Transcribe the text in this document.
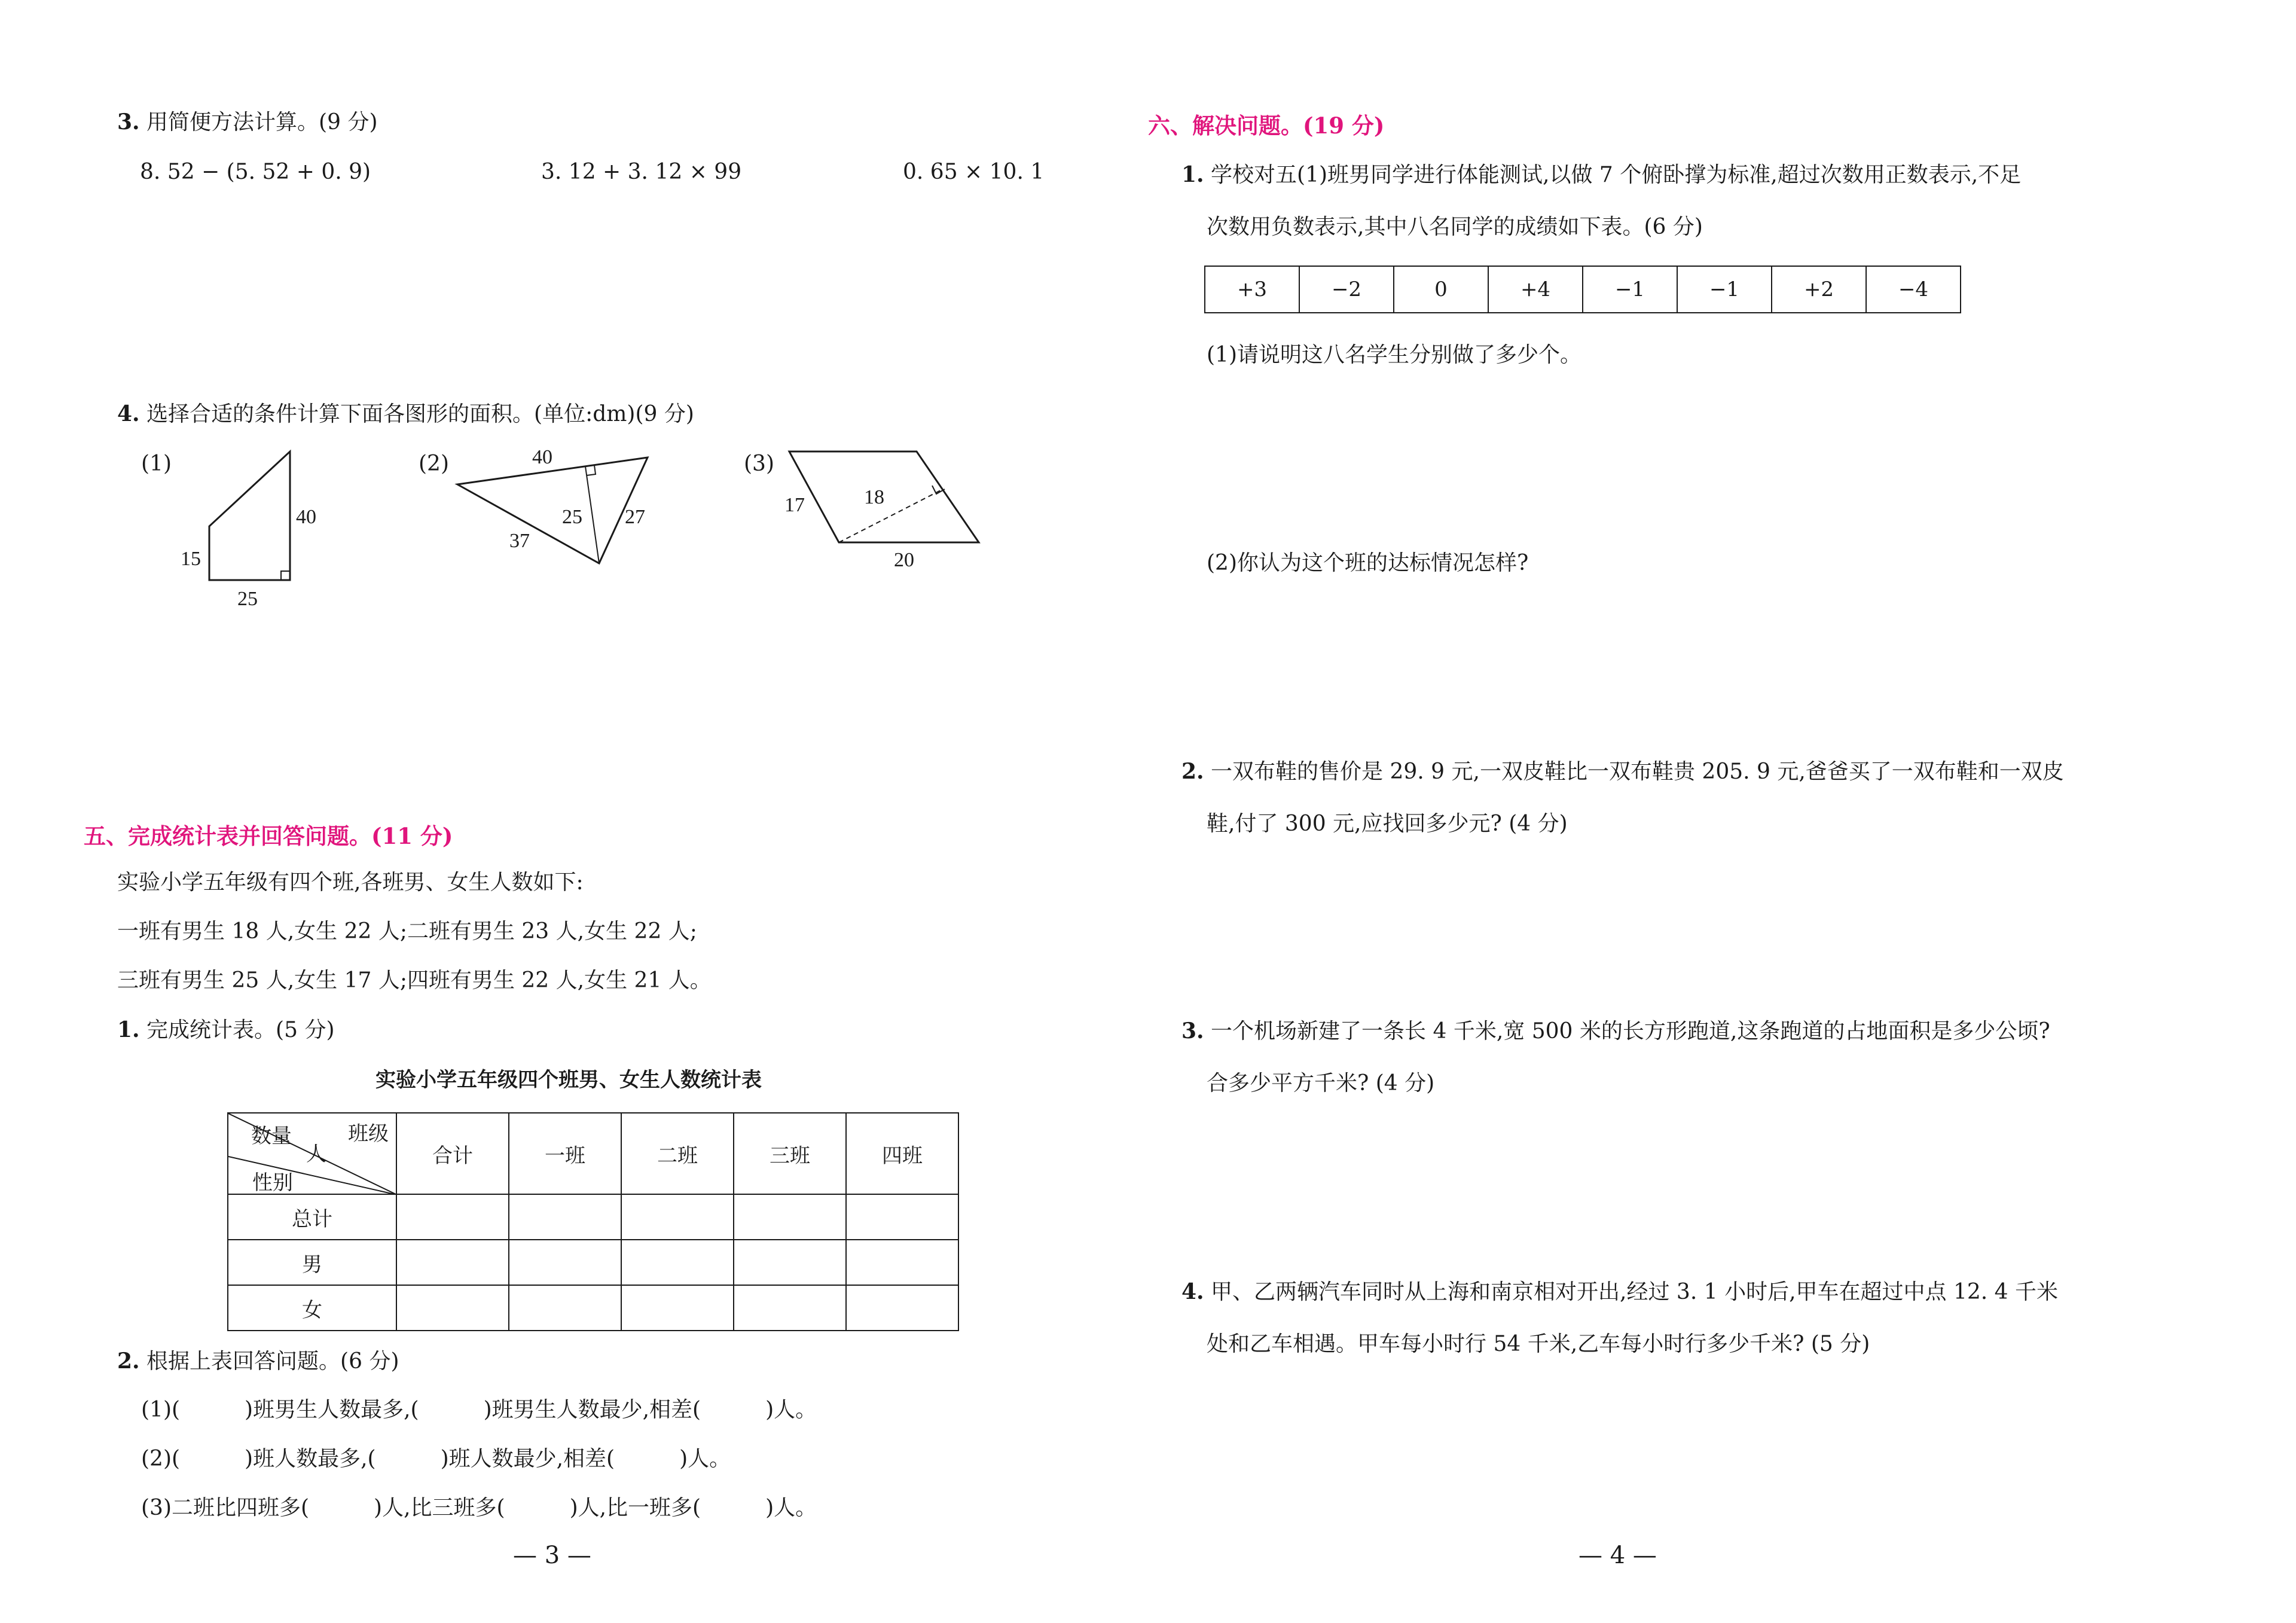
3. 用简便方法计算。(9 分)
8. 52 − (5. 52 + 0. 9)	3. 12 + 3. 12 × 99	0. 65 × 10. 1
4. 选择合适的条件计算下面各图形的面积。(单位:dm)(9 分)
(1)	(2)	(3)
15
40
25
40
25 27
37
17	18
20
五、完成统计表并回答问题。(11 分)
实验小学五年级有四个班,各班男、女生人数如下:
一班有男生 18 人,女生 22 人;二班有男生 23 人,女生 22 人;
三班有男生 25 人,女生 17 人;四班有男生 22 人,女生 21 人。
1. 完成统计表。(5 分)
实验小学五年级四个班男、女生人数统计表
班级
数量
人
性别	合计	一班	二班	三班	四班
总计					
男					
女					
2. 根据上表回答问题。(6 分)
(1)(　　　)班男生人数最多,(　　　)班男生人数最少,相差(　　　)人。
(2)(　　　)班人数最多,(　　　)班人数最少,相差(　　　)人。
(3)二班比四班多(　　　)人,比三班多(　　　)人,比一班多(　　　)人。
— 3 —
六、解决问题。(19 分)
1. 学校对五(1)班男同学进行体能测试,以做 7 个俯卧撑为标准,超过次数用正数表示,不足
次数用负数表示,其中八名同学的成绩如下表。(6 分)
+3	−2	0	+4	−1	−1	+2	−4
(1)请说明这八名学生分别做了多少个。
(2)你认为这个班的达标情况怎样?
2. 一双布鞋的售价是 29. 9 元,一双皮鞋比一双布鞋贵 205. 9 元,爸爸买了一双布鞋和一双皮
鞋,付了 300 元,应找回多少元? (4 分)
3. 一个机场新建了一条长 4 千米,宽 500 米的长方形跑道,这条跑道的占地面积是多少公顷?
合多少平方千米? (4 分)
4. 甲、乙两辆汽车同时从上海和南京相对开出,经过 3. 1 小时后,甲车在超过中点 12. 4 千米
处和乙车相遇。甲车每小时行 54 千米,乙车每小时行多少千米? (5 分)
— 4 —
